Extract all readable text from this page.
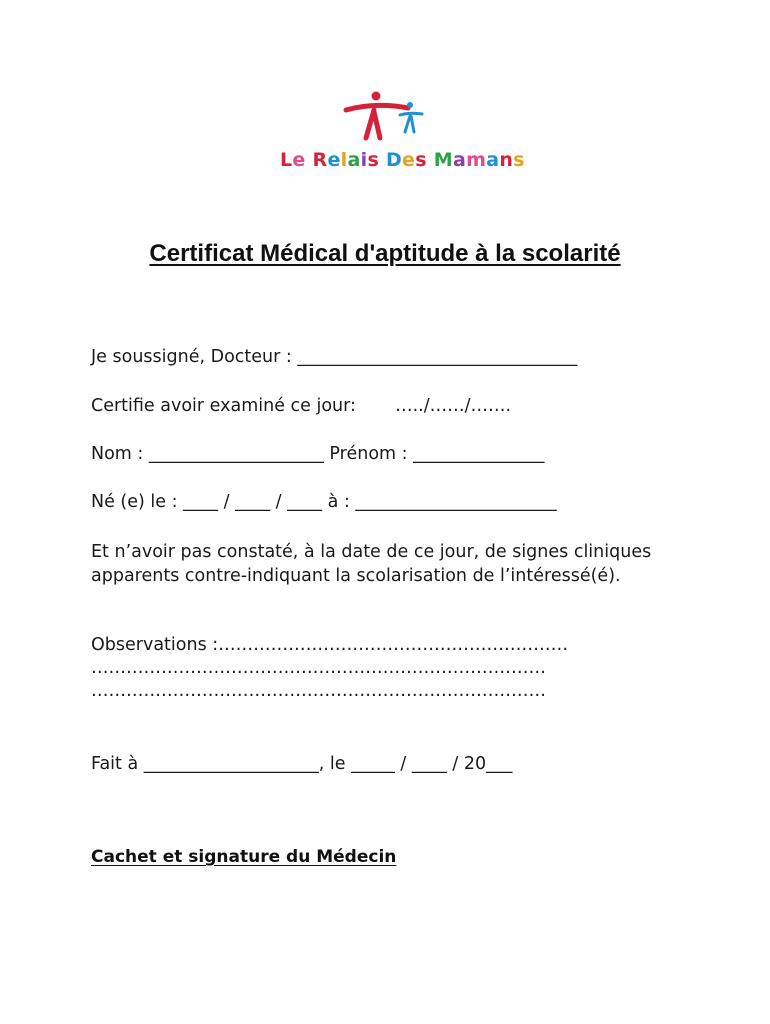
Le Relais Des Mamans
Certificat Médical d'aptitude à la scolarité
Je soussigné, Docteur : ________________________________
Certifie avoir examiné ce jour: …../……/…….
Nom : ____________________ Prénom : _______________
Né (e) le : ____ / ____ / ____ à : _______________________
Et n’avoir pas constaté, à la date de ce jour, de signes cliniques apparents contre-indiquant la scolarisation de l’intéressé(é).
Observations :……………………………………………………
……………………………………………………………………
……………………………………………………………………
Fait à ____________________, le _____ / ____ / 20___
Cachet et signature du Médecin
